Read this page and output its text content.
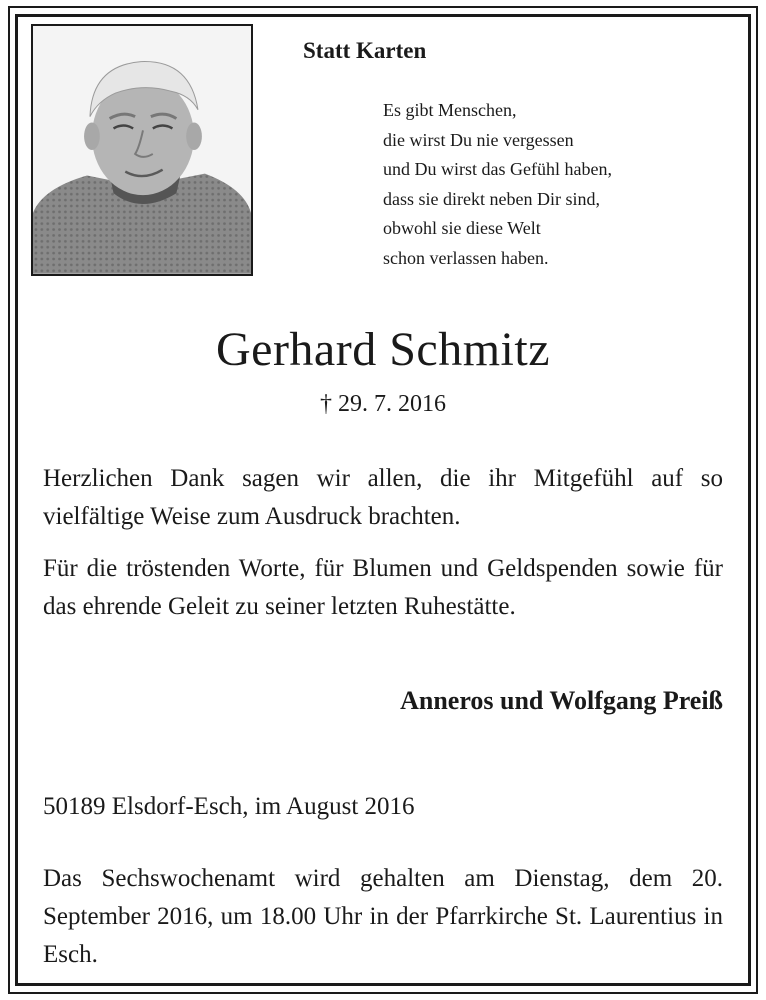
Statt Karten
Es gibt Menschen,
die wirst Du nie vergessen
und Du wirst das Gefühl haben,
dass sie direkt neben Dir sind,
obwohl sie diese Welt
schon verlassen haben.
Gerhard Schmitz
† 29. 7. 2016
Herzlichen Dank sagen wir allen, die ihr Mitgefühl auf so vielfältige Weise zum Ausdruck brachten.
Für die tröstenden Worte, für Blumen und Geldspenden sowie für das ehrende Geleit zu seiner letzten Ruhestätte.
Anneros und Wolfgang Preiß
50189 Elsdorf-Esch, im August 2016
Das Sechswochenamt wird gehalten am Dienstag, dem 20. September 2016, um 18.00 Uhr in der Pfarrkirche St. Laurentius in Esch.
